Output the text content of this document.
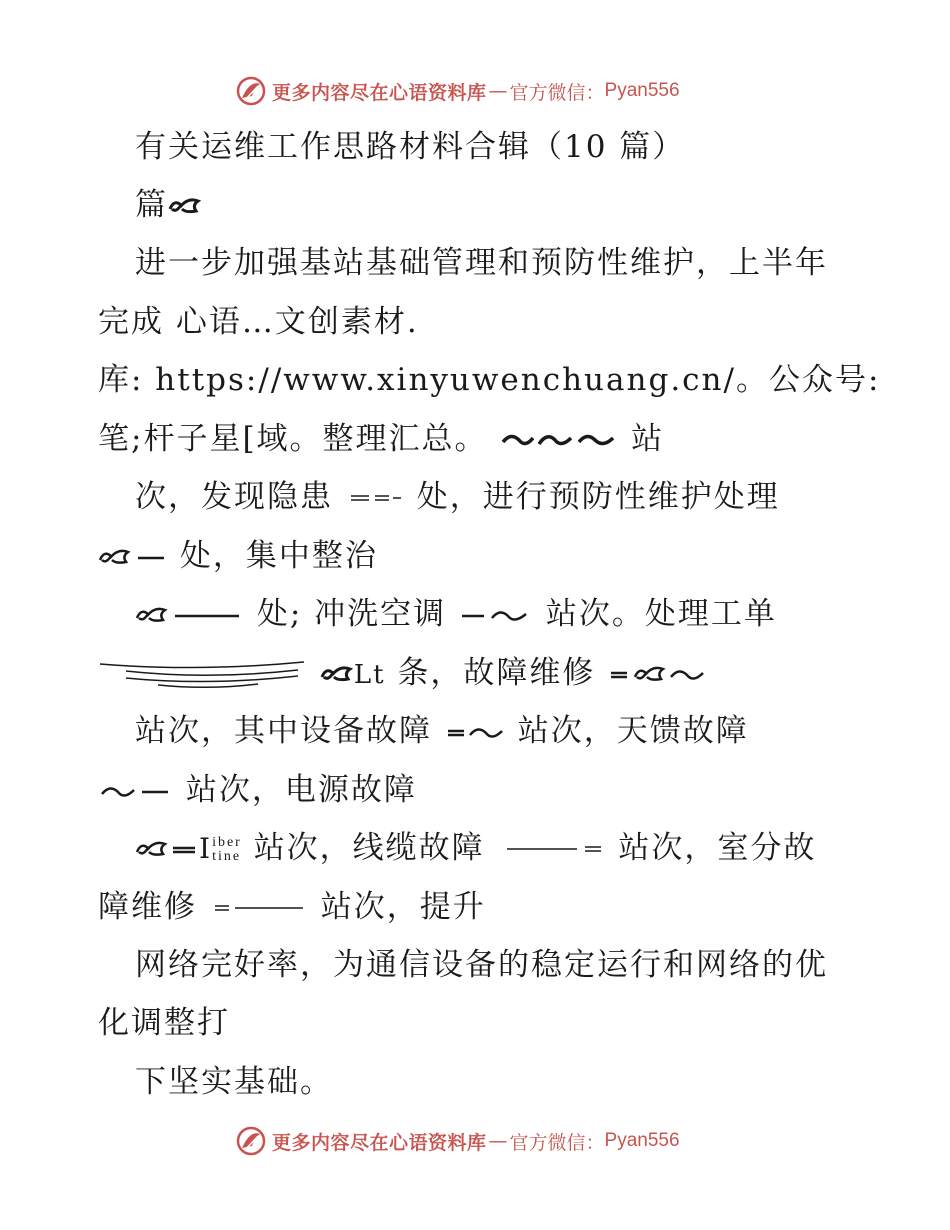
更多内容尽在心语资料库 — 官方微信： Pyan556
有关运维工作思路材料合辑（10 篇）
篇
进一步加强基站基础管理和预防性维护，上半年
完成 心语…文创素材.
库: https://www.xinyuwenchuang.cn/。公众号:
笔;杆子星[域。整理汇总。	站
次，发现隐患	处，进行预防性维护处理
处，集中整治
处; 冲洗空调	站次。处理工单
Lt 条，故障维修
站次，其中设备故障	站次，天馈故障
站次，电源故障
Iiber
tine 站次，线缆故障	站次，室分故
障维修	站次，提升
网络完好率，为通信设备的稳定运行和网络的优
化调整打
下坚实基础。
更多内容尽在心语资料库 — 官方微信： Pyan556
